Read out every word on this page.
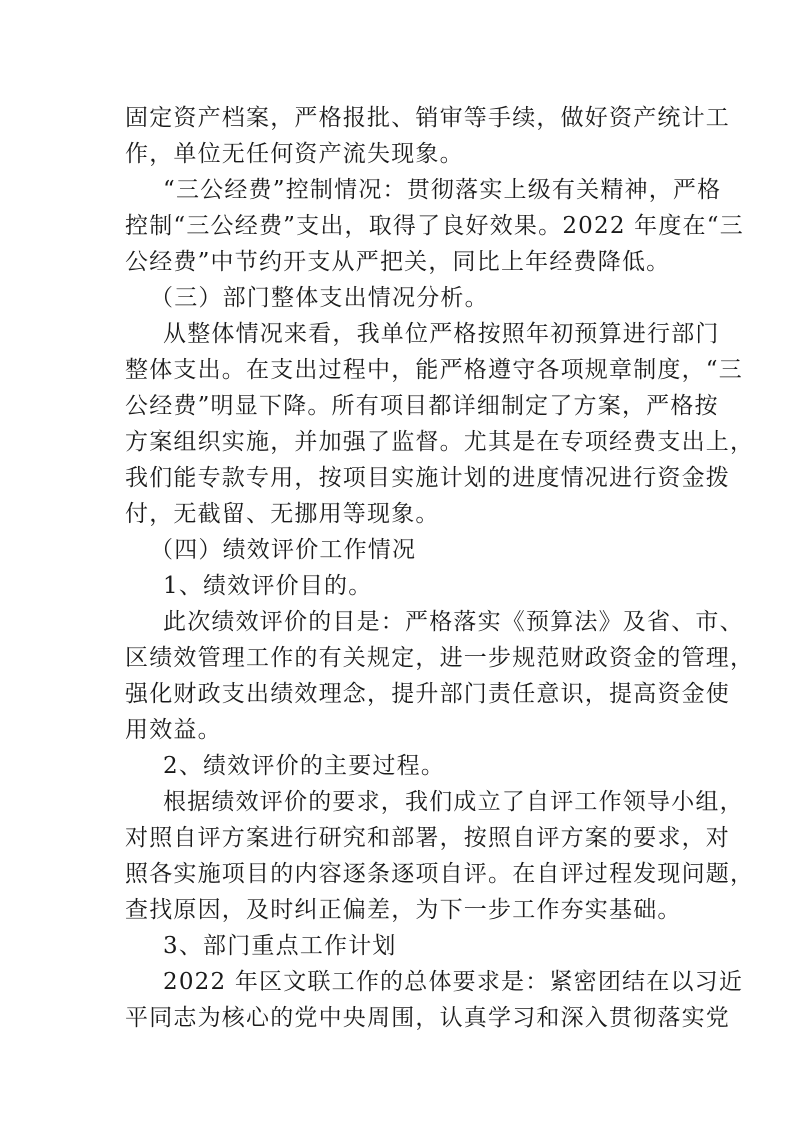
固定资产档案，严格报批、销审等手续，做好资产统计工
作，单位无任何资产流失现象。
“三公经费”控制情况：贯彻落实上级有关精神，严格
控制“三公经费”支出，取得了良好效果。2022 年度在“三
公经费”中节约开支从严把关，同比上年经费降低。
（三）部门整体支出情况分析。
从整体情况来看，我单位严格按照年初预算进行部门
整体支出。在支出过程中，能严格遵守各项规章制度，“三
公经费”明显下降。所有项目都详细制定了方案，严格按
方案组织实施，并加强了监督。尤其是在专项经费支出上，
我们能专款专用，按项目实施计划的进度情况进行资金拨
付，无截留、无挪用等现象。
（四）绩效评价工作情况
1、绩效评价目的。
此次绩效评价的目是：严格落实《预算法》及省、市、
区绩效管理工作的有关规定，进一步规范财政资金的管理，
强化财政支出绩效理念，提升部门责任意识，提高资金使
用效益。
2、绩效评价的主要过程。
根据绩效评价的要求，我们成立了自评工作领导小组，
对照自评方案进行研究和部署，按照自评方案的要求，对
照各实施项目的内容逐条逐项自评。在自评过程发现问题，
查找原因，及时纠正偏差，为下一步工作夯实基础。
3、部门重点工作计划
2022 年区文联工作的总体要求是：紧密团结在以习近
平同志为核心的党中央周围，认真学习和深入贯彻落实党
